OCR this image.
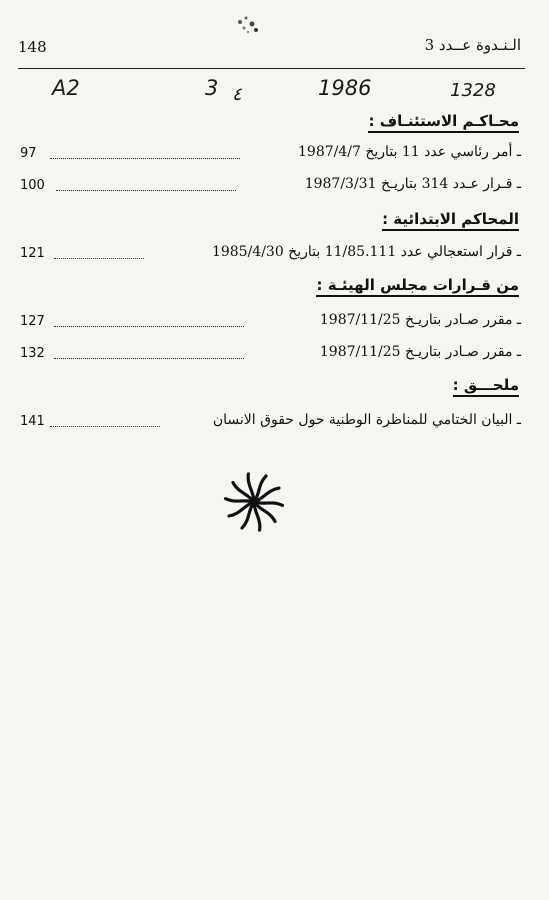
148	الـنـدوة عــدد 3
A2	3 ٤	1986	1328
محـاكـم الاستئنـاف :
97	ـ أمر رئاسي عدد 11 بتاريخ 1987/4/7
100	ـ قـرار عـدد 314 بتاريـخ 1987/3/31
المحاكم الابتدائية :
121	ـ قرار استعجالي عدد 11/85.111 بتاريخ 1985/4/30
من قـرارات مجلس الهيئـة :
127	ـ مقرر صـادر بتاريـخ 1987/11/25
132	ـ مقرر صـادر بتاريـخ 1987/11/25
ملحـــق :
141	ـ البيان الختامي للمناظرة الوطنية حول حقوق الانسان
